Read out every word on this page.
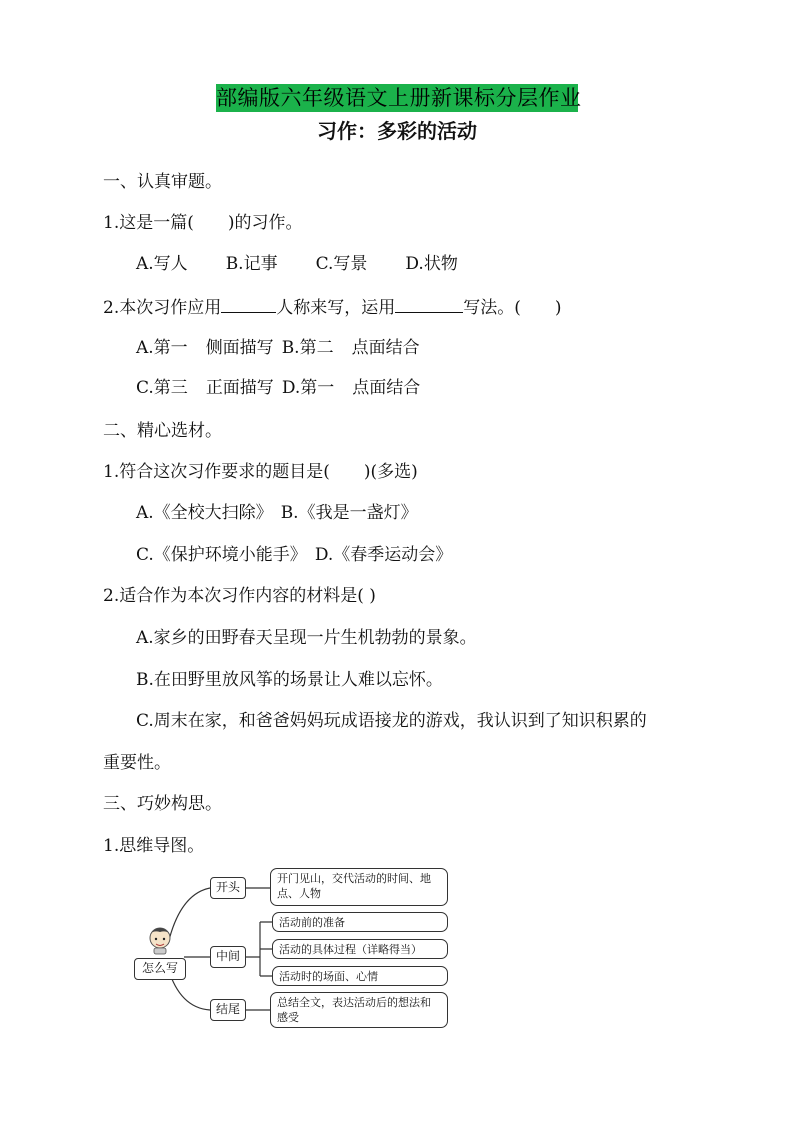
部编版六年级语文上册新课标分层作业
习作：多彩的活动
一、认真审题。
1.这是一篇( )的习作。
A.写人 B.记事 C.写景 D.状物
2.本次习作应用	人称来写，运用	写法。( )
A.第一 侧面描写 B.第二 点面结合
C.第三 正面描写 D.第一 点面结合
二、精心选材。
1.符合这次习作要求的题目是( )(多选)
A.《全校大扫除》 B.《我是一盏灯》
C.《保护环境小能手》 D.《春季运动会》
2.适合作为本次习作内容的材料是( )
A.家乡的田野春天呈现一片生机勃勃的景象。
B.在田野里放风筝的场景让人难以忘怀。
C.周末在家，和爸爸妈妈玩成语接龙的游戏，我认识到了知识积累的
重要性。
三、巧妙构思。
1.思维导图。
怎么写
开头
中间
结尾
开门见山，交代活动的时间、地点、人物
活动前的准备
活动的具体过程（详略得当）
活动时的场面、心情
总结全文，表达活动后的想法和感受
